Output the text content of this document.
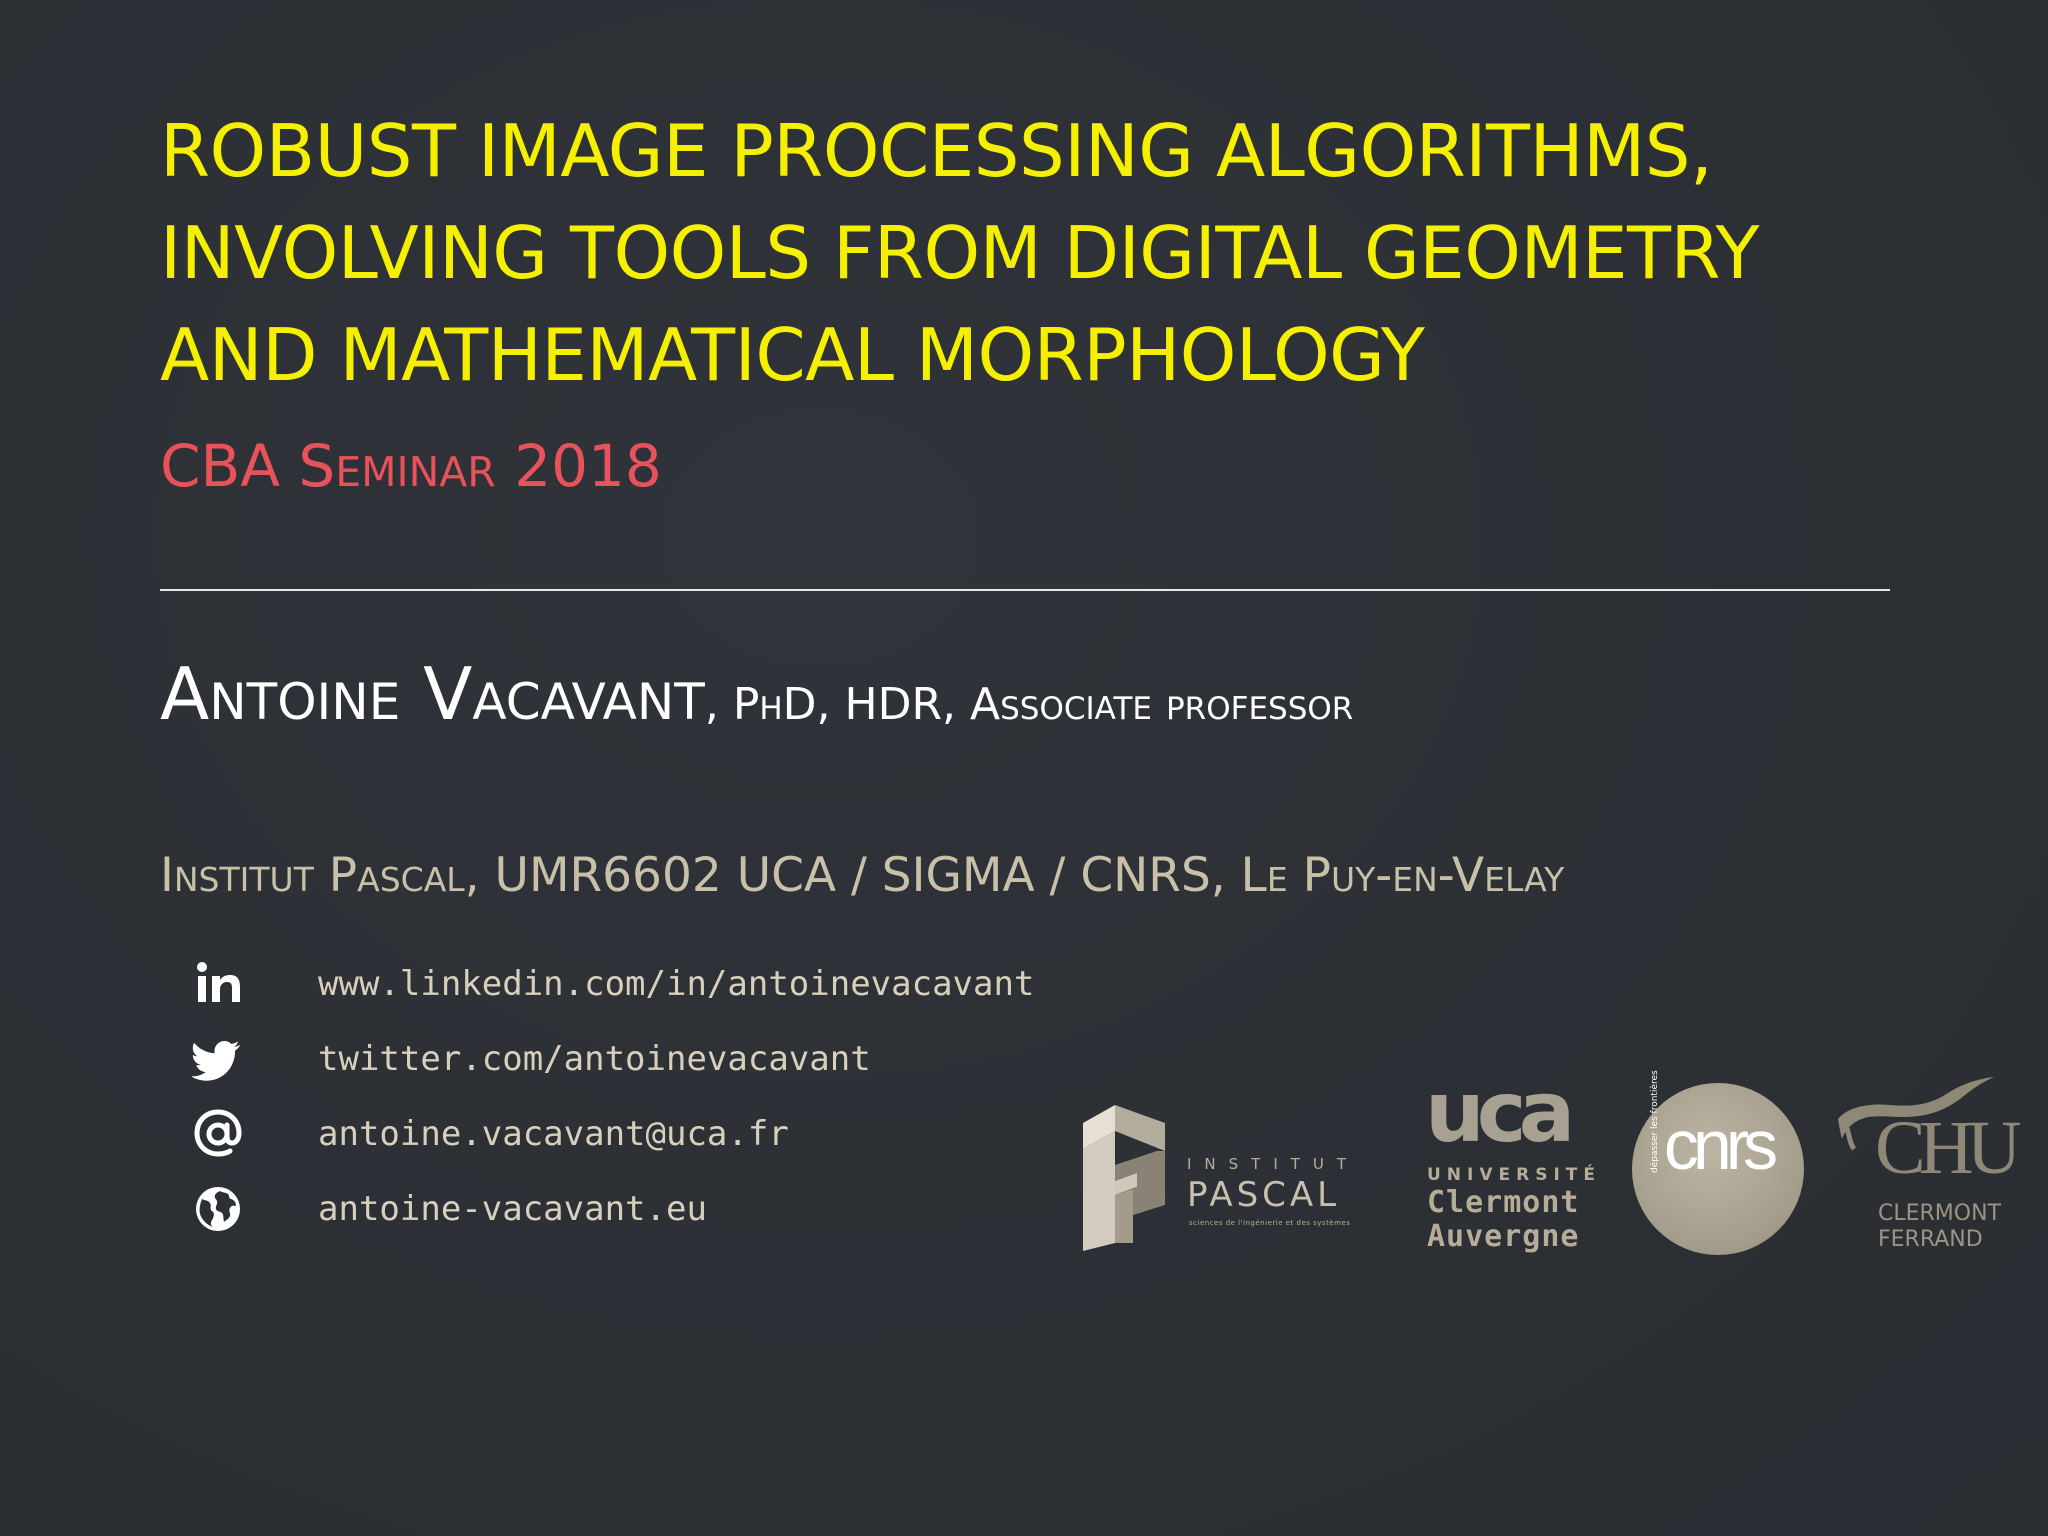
ROBUST IMAGE PROCESSING ALGORITHMS,
INVOLVING TOOLS FROM DIGITAL GEOMETRY
AND MATHEMATICAL MORPHOLOGY
CBA Seminar 2018
Antoine Vacavant, PhD, HDR, Associate professor
Institut Pascal, UMR6602 UCA / SIGMA / CNRS, Le Puy-en-Velay
www.linkedin.com/in/antoinevacavant
twitter.com/antoinevacavant
antoine.vacavant@uca.fr
antoine-vacavant.eu
INSTITUT
PASCAL
sciences de l'ingénierie et des systèmes
uca
UNIVERSITÉ
Clermont
Auvergne
cnrs
dépasser les frontières	CHU
CLERMONT
FERRAND
